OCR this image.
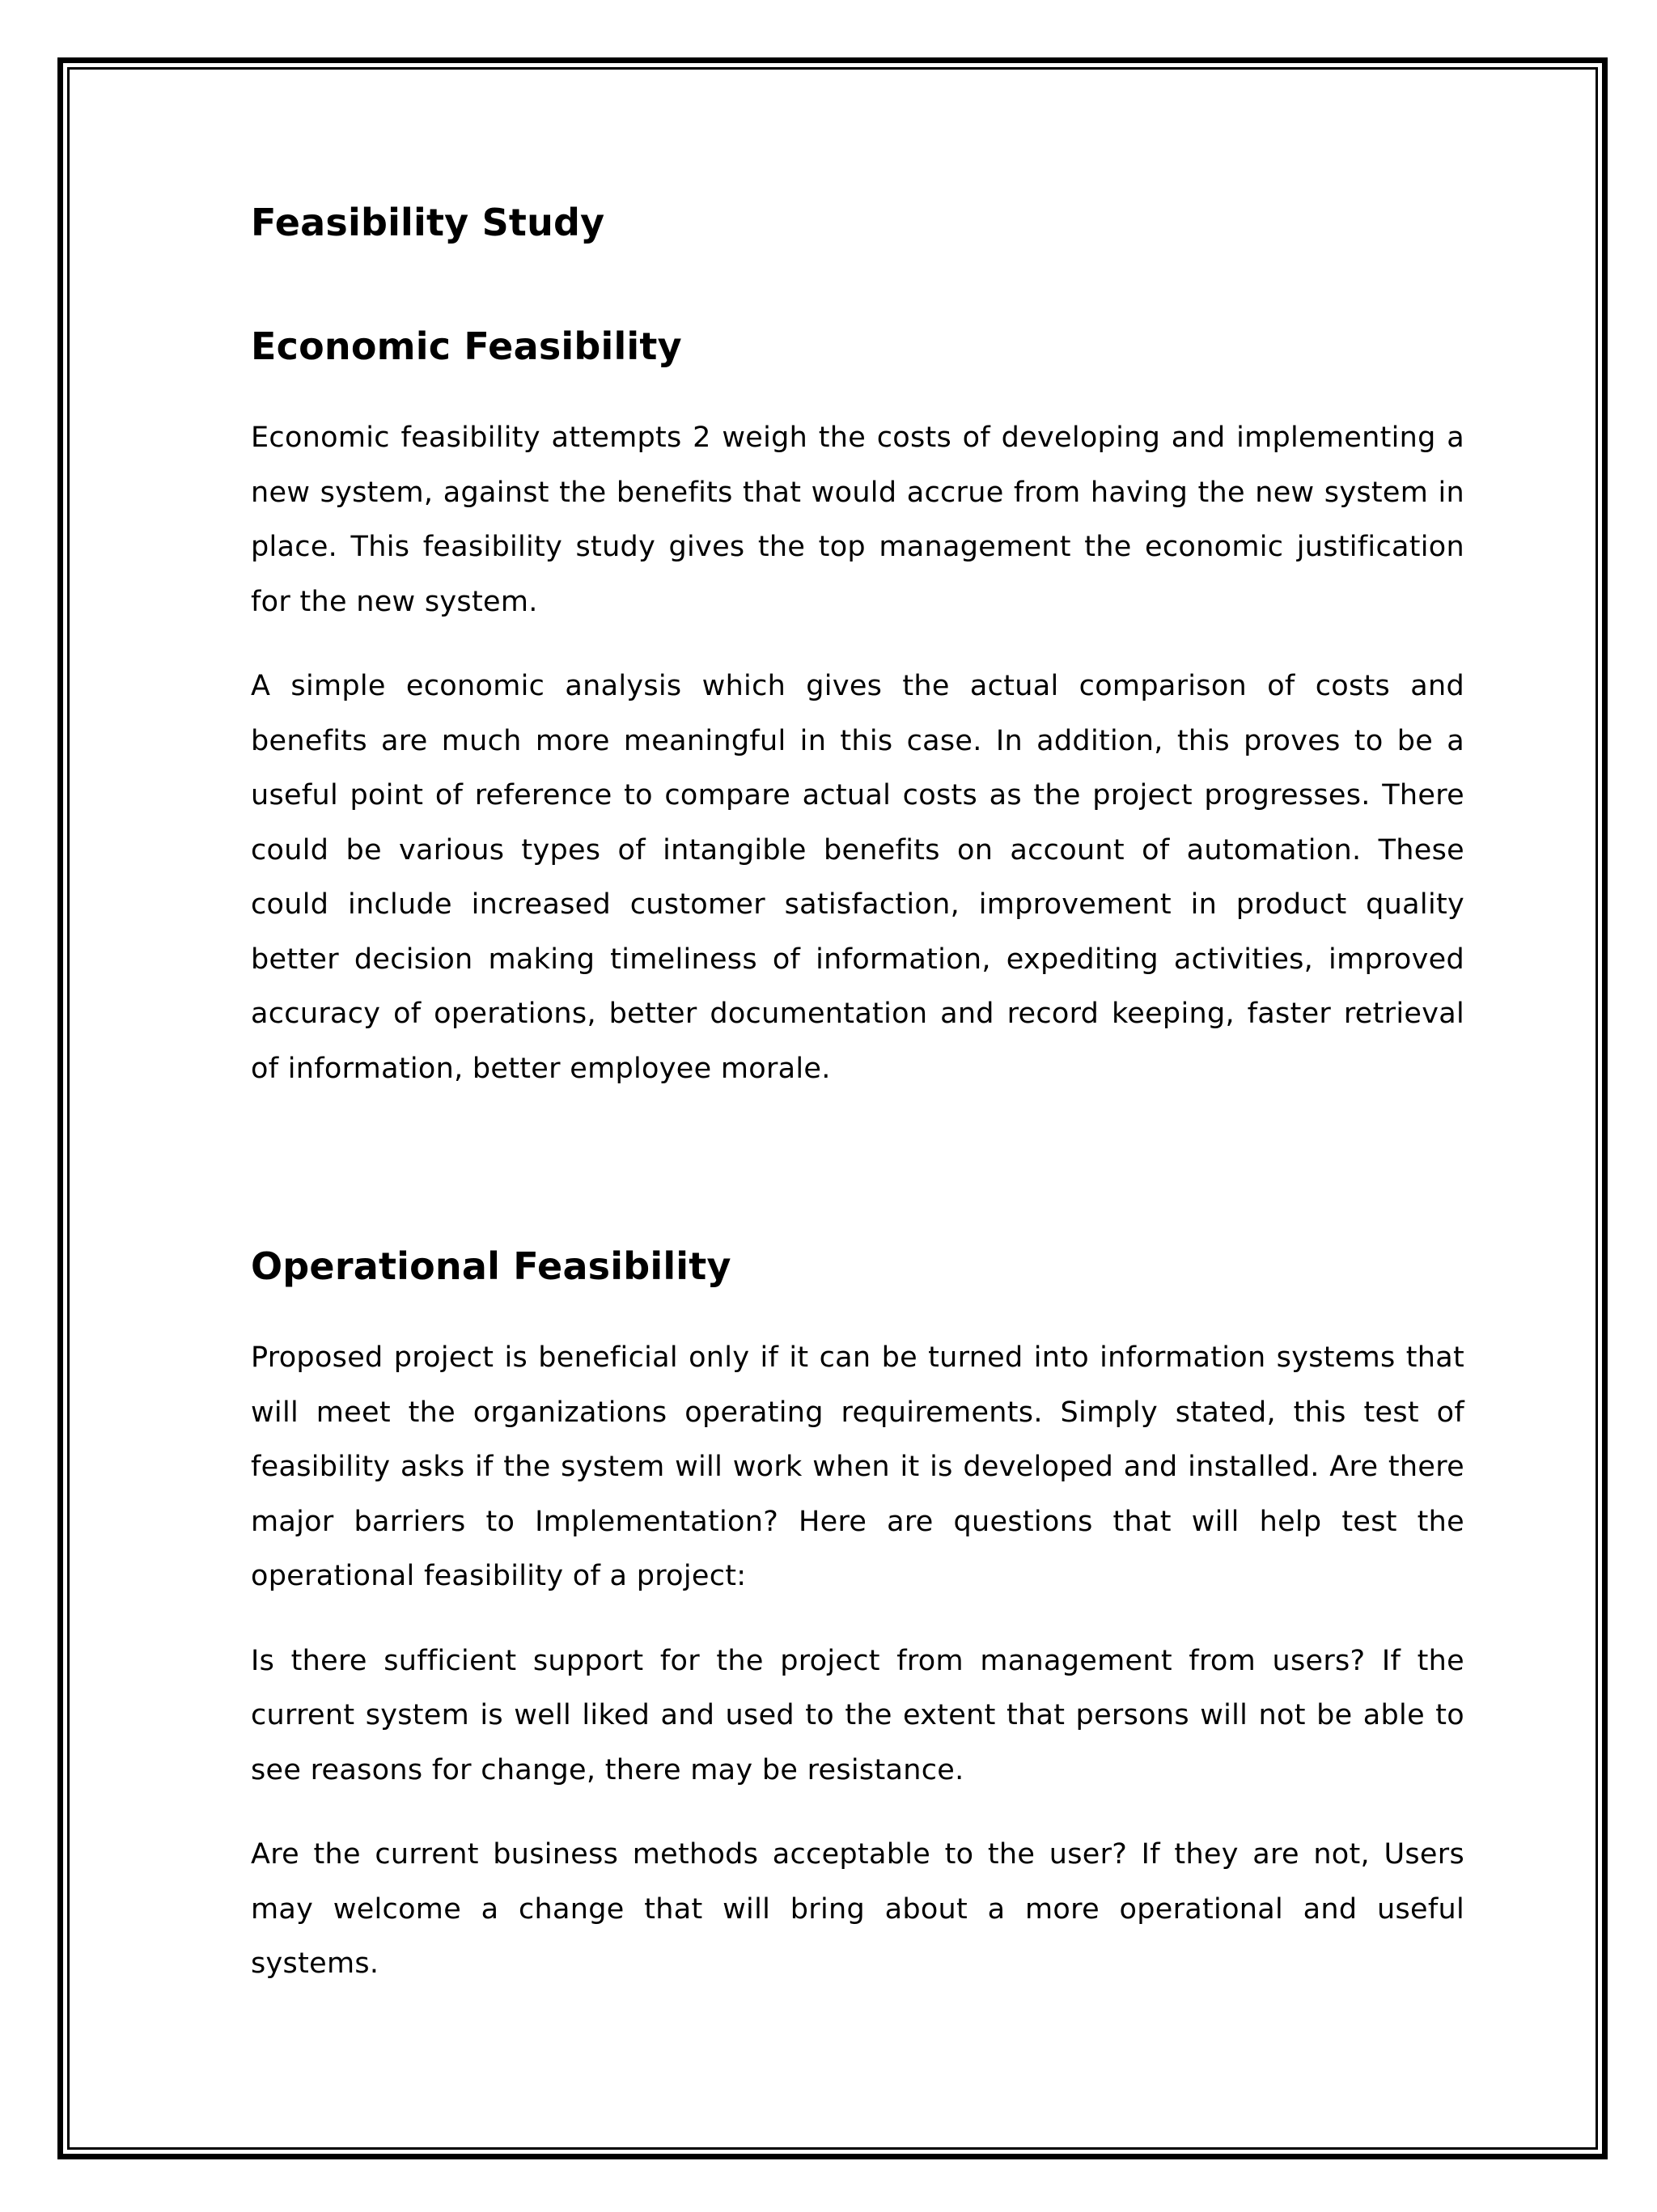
Feasibility Study
Economic Feasibility

Economic feasibility attempts 2 weigh the costs of developing and implementing a new system, against the benefits that would accrue from having the new system in place. This feasibility study gives the top management the economic justification for the new system.

A simple economic analysis which gives the actual comparison of costs and benefits are much more meaningful in this case. In addition, this proves to be a useful point of reference to compare actual costs as the project progresses. There could be various types of intangible benefits on account of automation. These could include increased customer satisfaction, improvement in product quality better decision making timeliness of information, expediting activities, improved accuracy of operations, better documentation and record keeping, faster retrieval of information, better employee morale.

Operational Feasibility

Proposed project is beneficial only if it can be turned into information systems that will meet the organizations operating requirements. Simply stated, this test of feasibility asks if the system will work when it is developed and installed. Are there major barriers to Implementation? Here are questions that will help test the operational feasibility of a project:

Is there sufficient support for the project from management from users? If the current system is well liked and used to the extent that persons will not be able to see reasons for change, there may be resistance.

Are the current business methods acceptable to the user? If they are not, Users may welcome a change that will bring about a more operational and useful systems.
